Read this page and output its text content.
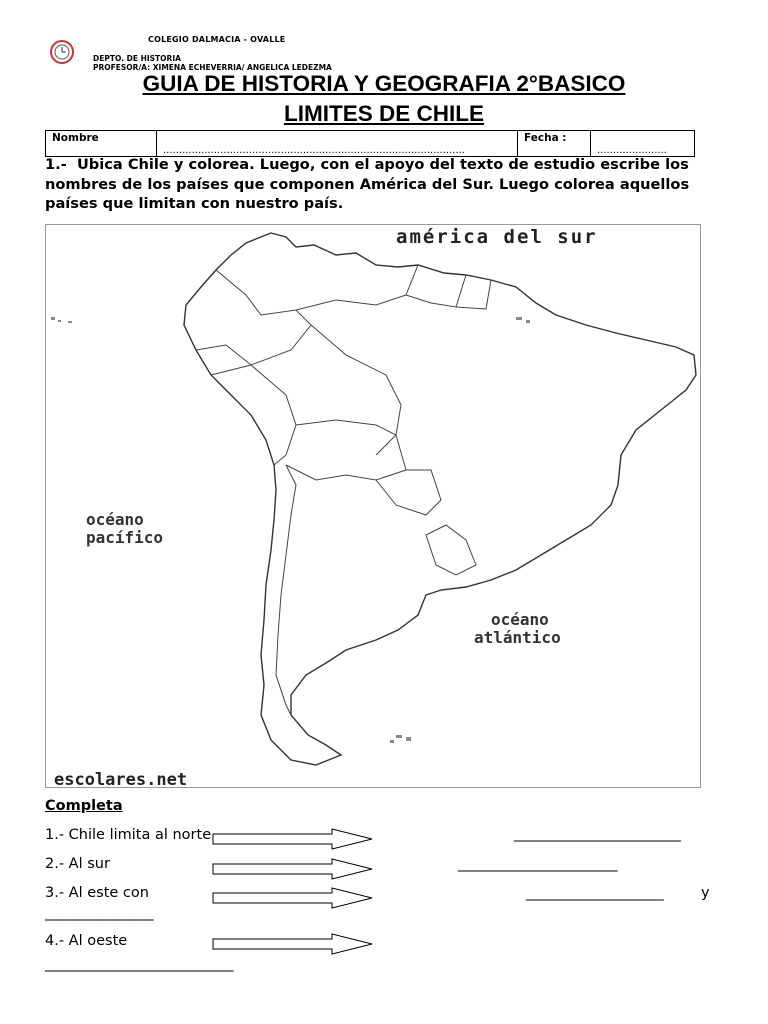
COLEGIO DALMACIA - OVALLE
DEPTO. DE HISTORIA
PROFESOR/A: XIMENA ECHEVERRIA/ ANGELICA LEDEZMA
GUIA DE HISTORIA Y GEOGRAFIA 2°BASICO
LIMITES DE CHILE
Nombre	...............................................................................................	Fecha :	......................
1.- Ubica Chile y colorea. Luego, con el apoyo del texto de estudio escribe los nombres de los países que componen América del Sur. Luego colorea aquellos países que limitan con nuestro país.
américa del sur
océano
pacífico
océano
atlántico
escolares.net
Completa
1.- Chile limita al norte	_______________________
2.- Al sur	______________________
3.- Al este con	___________________	y
_______________
4.- Al oeste
__________________________
